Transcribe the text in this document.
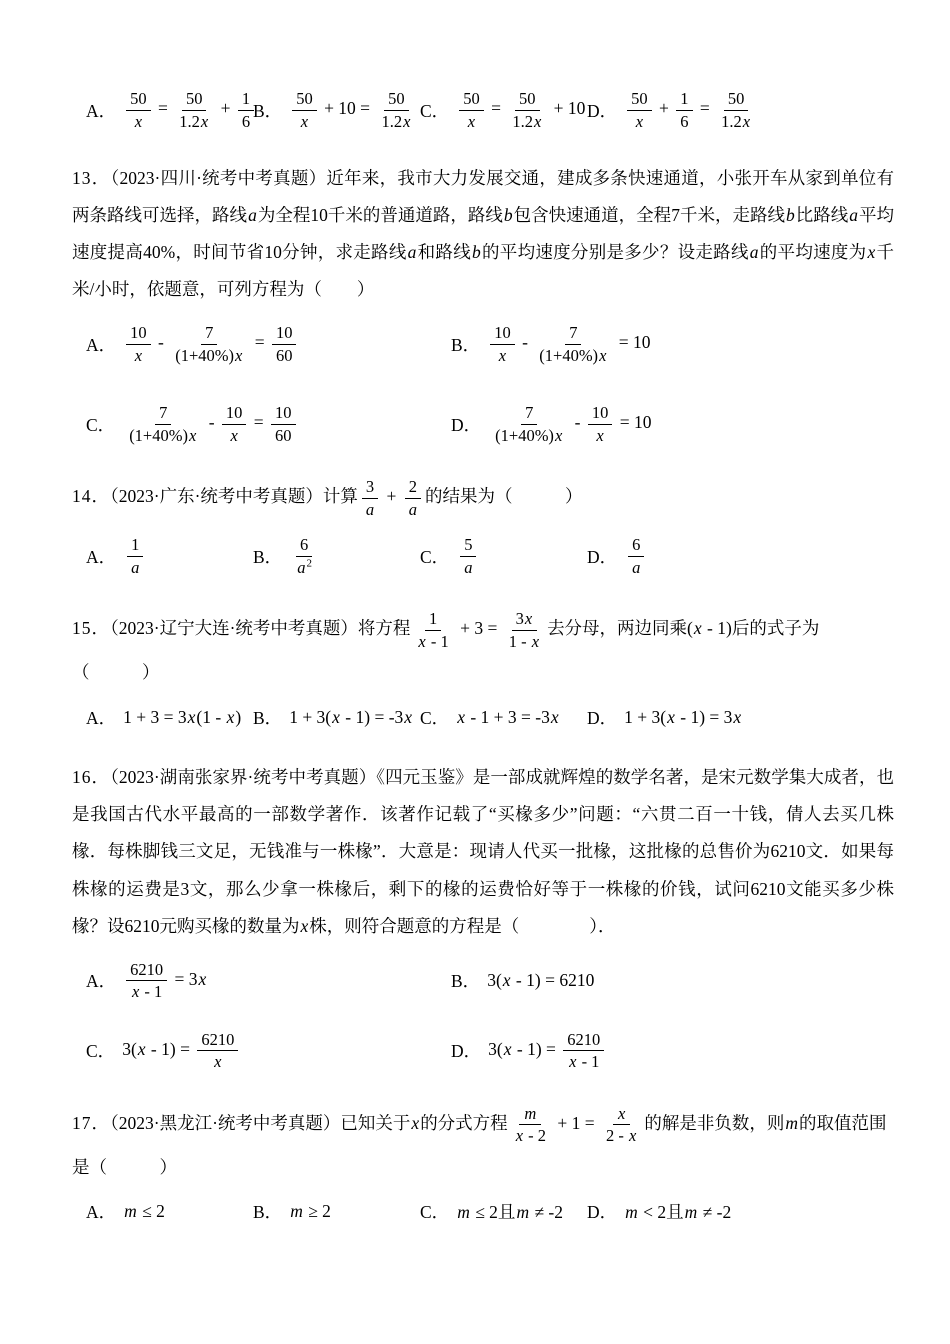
A． $\frac{50}{x} = \frac{50}{1.2x} + \frac{1}{6}$
B． $\frac{50}{x} + 10 = \frac{50}{1.2x}$ C． $\frac{50}{x} = \frac{50}{1.2x} + 10$ D． $\frac{50}{x} + \frac{1}{6} = \frac{50}{1.2x}$

13．（2023·四川·统考中考真题）近年来，我市大力发展交通，建成多条快速通道，小张开车从家到单位有两条路线可选择，路线a为全程10千米的普通道路，路线b包含快速通道，全程7千米，走路线b比路线a平均速度提高40%，时间节省10分钟，求走路线a和路线b的平均速度分别是多少？设走路线a的平均速度为x千米/小时，依题意，可列方程为（　　）

A． $\frac{10}{x} - \frac{7}{(1+40\%)x} = \frac{10}{60}$	B． $\frac{10}{x} - \frac{7}{(1+40\%)x} = 10$
C． $\frac{7}{(1+40\%)x} - \frac{10}{x} = \frac{10}{60}$	D． $\frac{7}{(1+40\%)x} - \frac{10}{x} = 10$

14．（2023·广东·统考中考真题）计算 $\frac{3}{a} + \frac{2}{a}$ 的结果为（　　　）

A． $\frac{1}{a}$	B． $\frac{6}{a^2}$	C． $\frac{5}{a}$	D． $\frac{6}{a}$

15．（2023·辽宁大连·统考中考真题）将方程 $\frac{1}{x - 1} + 3 = \frac{3x}{1 - x}$ 去分母，两边同乘(x - 1)后的式子为

（　　　）

A． 1 + 3 = 3x(1 - x) B． 1 + 3(x - 1) = -3x C． x - 1 + 3 = -3x D． 1 + 3(x - 1) = 3x

16．（2023·湖南张家界·统考中考真题）《四元玉鉴》是一部成就辉煌的数学名著，是宋元数学集大成者，也是我国古代水平最高的一部数学著作．该著作记载了“买椽多少”问题：“六贯二百一十钱，倩人去买几株椽．每株脚钱三文足，无钱准与一株椽”．大意是：现请人代买一批椽，这批椽的总售价为6210文．如果每株椽的运费是3文，那么少拿一株椽后，剩下的椽的运费恰好等于一株椽的价钱，试问6210文能买多少株椽？设6210元购买椽的数量为x株，则符合题意的方程是（　　　　）．

A． $\frac{6210}{x - 1} = 3x$	B． 3(x - 1) = 6210
C． $3(x - 1) = \frac{6210}{x}$	D． $3(x - 1) = \frac{6210}{x - 1}$

17．（2023·黑龙江·统考中考真题）已知关于x的分式方程 $\frac{m}{x - 2} + 1 = \frac{x}{2 - x}$ 的解是非负数，则m的取值范围

是（　　　）

A． m ≤ 2	B． m ≥ 2	C． m ≤ 2且m ≠ -2 D． m < 2且m ≠ -2
